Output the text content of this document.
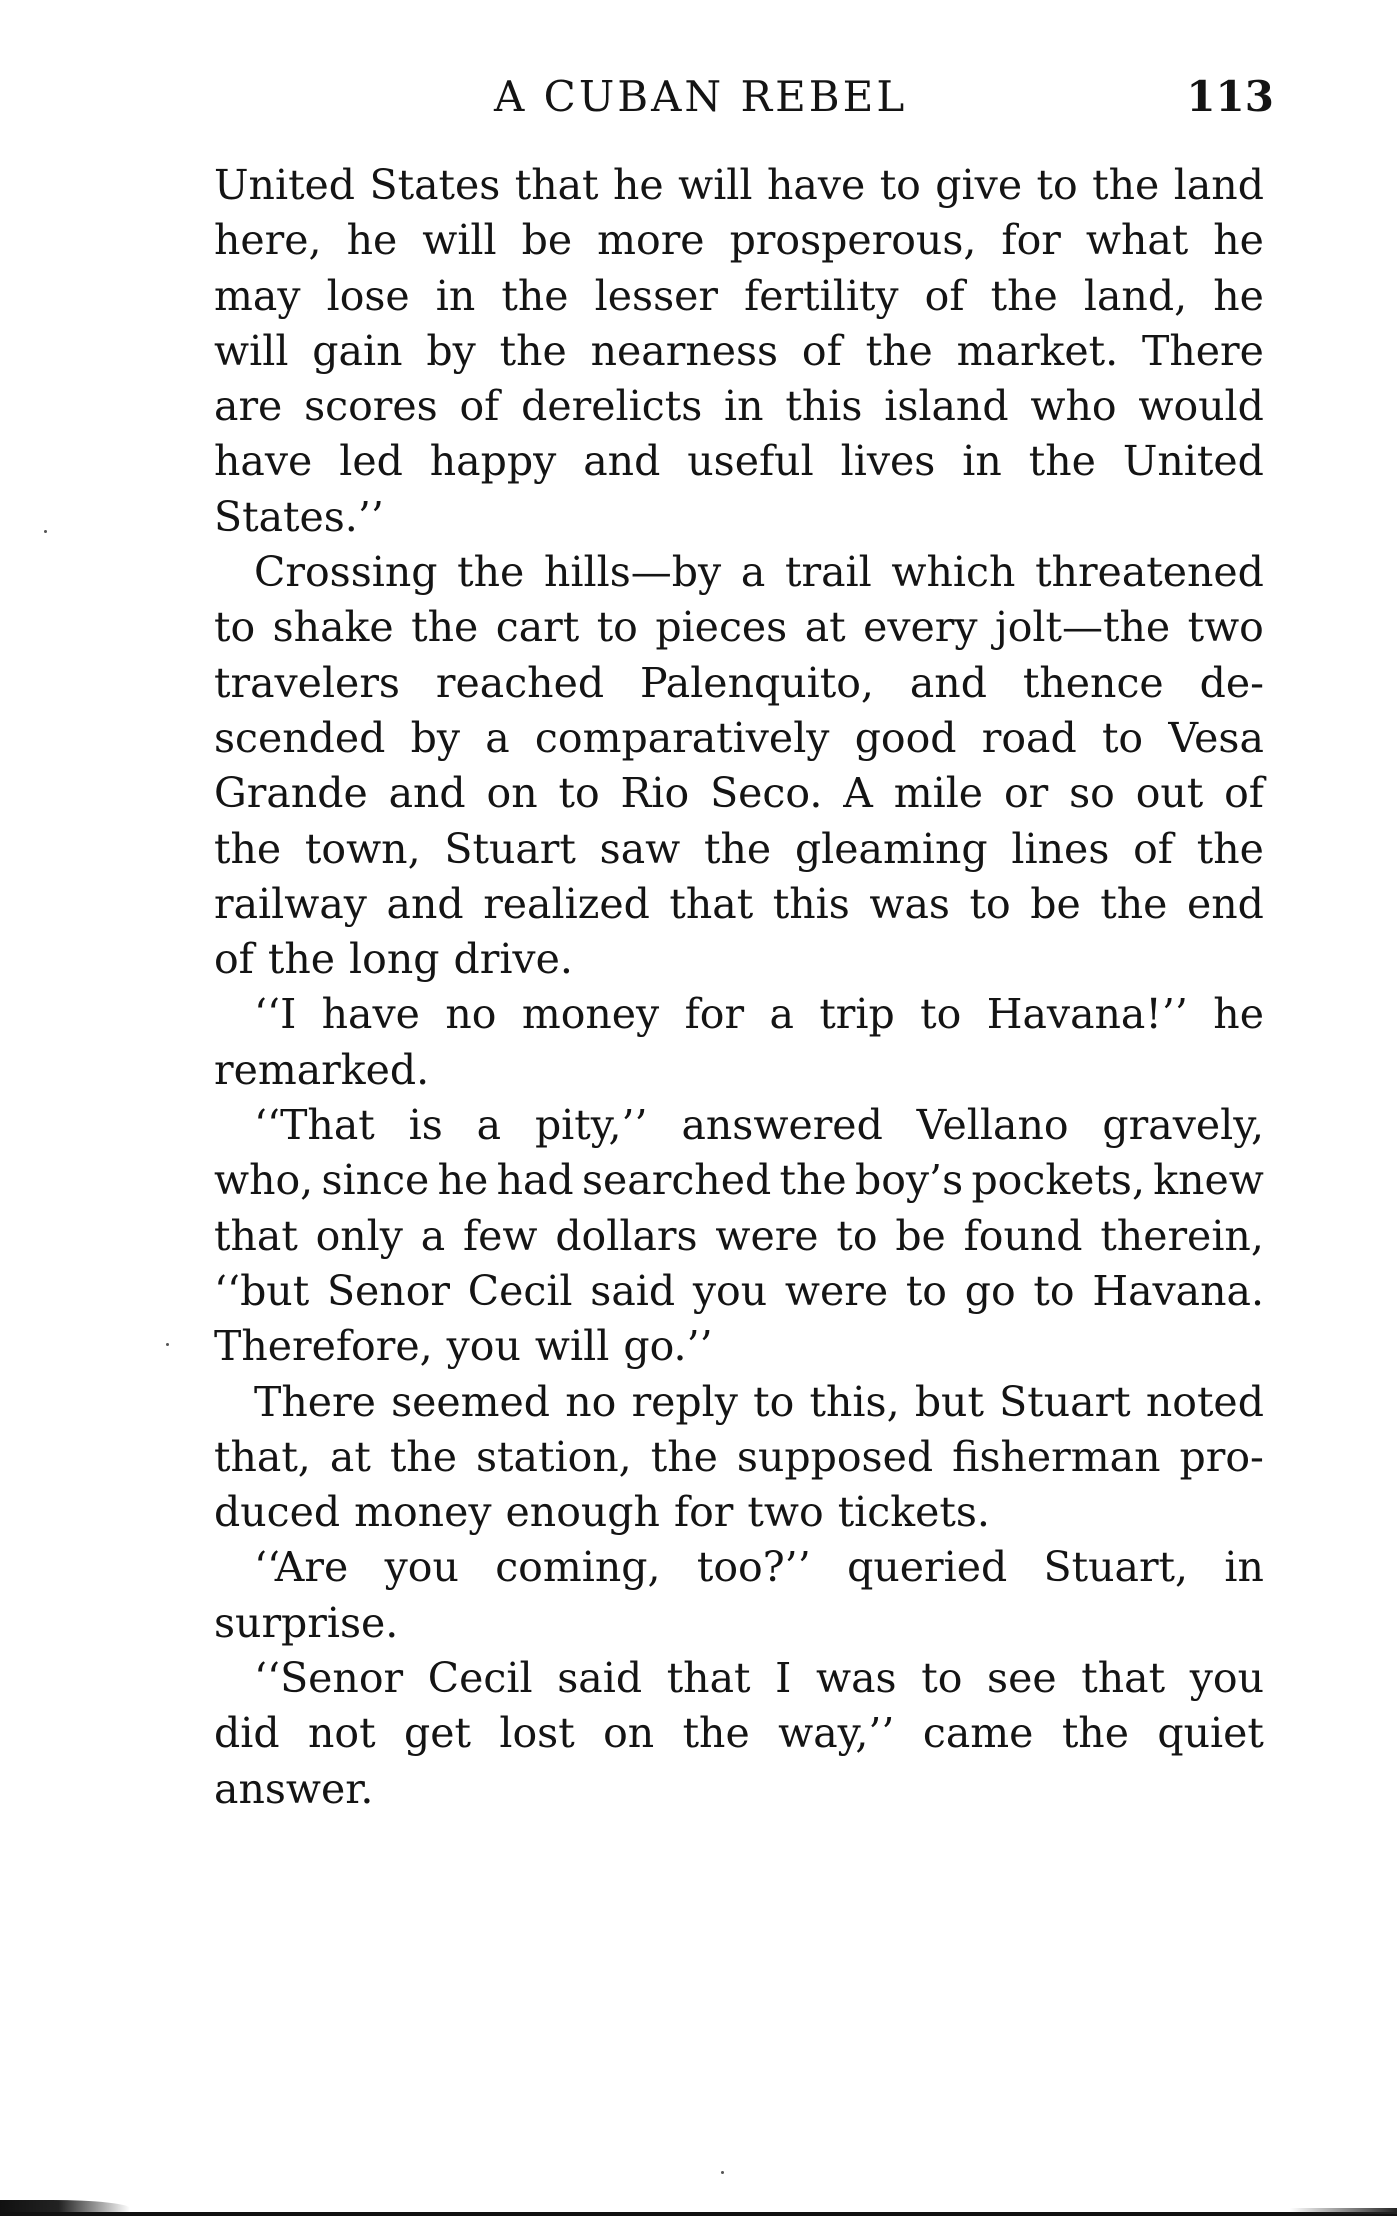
A CUBAN REBEL	113
United States that he will have to give to the land
here, he will be more prosperous, for what he
may lose in the lesser fertility of the land, he
will gain by the nearness of the market. There
are scores of derelicts in this island who would
have led happy and useful lives in the United
States.’’
Crossing the hills—by a trail which threatened
to shake the cart to pieces at every jolt—the two
travelers reached Palenquito, and thence de-
scended by a comparatively good road to Vesa
Grande and on to Rio Seco. A mile or so out of
the town, Stuart saw the gleaming lines of the
railway and realized that this was to be the end
of the long drive.
‘‘I have no money for a trip to Havana!’’ he
remarked.
‘‘That is a pity,’’ answered Vellano gravely,
who, since he had searched the boy’s pockets, knew
that only a few dollars were to be found therein,
‘‘but Senor Cecil said you were to go to Havana.
Therefore, you will go.’’
There seemed no reply to this, but Stuart noted
that, at the station, the supposed fisherman pro-
duced money enough for two tickets.
‘‘Are you coming, too?’’ queried Stuart, in
surprise.
‘‘Senor Cecil said that I was to see that you
did not get lost on the way,’’ came the quiet
answer.
